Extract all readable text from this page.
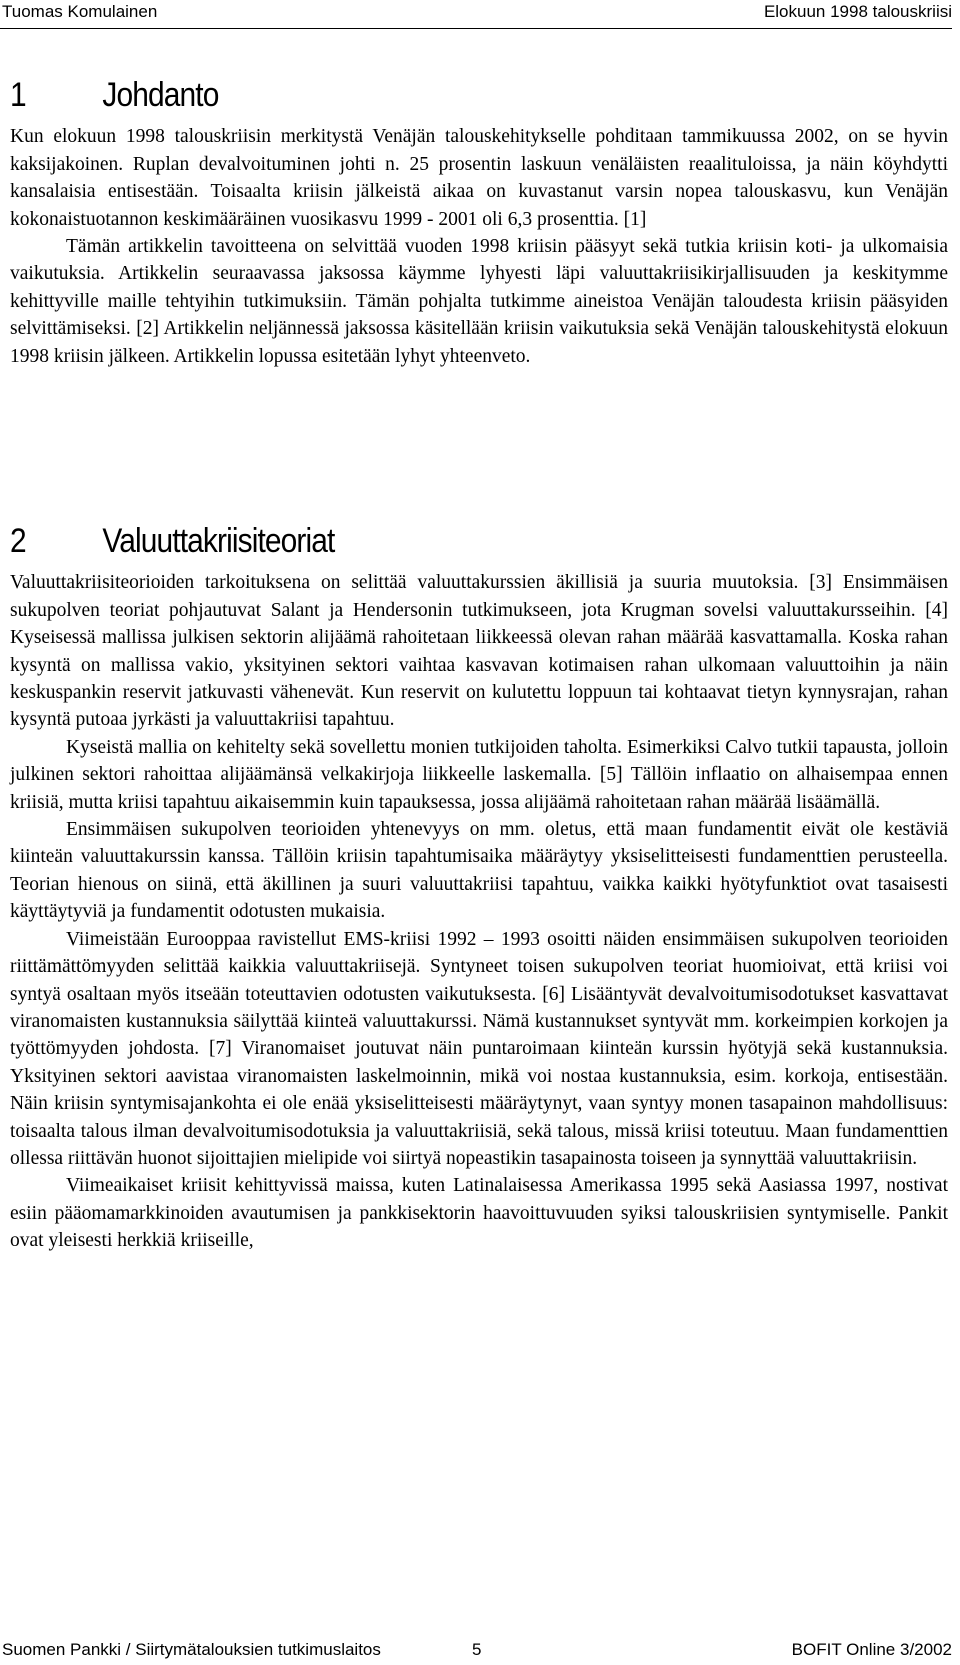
Tuomas Komulainen	Elokuun 1998 talouskriisi
1 Johdanto

Kun elokuun 1998 talouskriisin merkitystä Venäjän talouskehitykselle pohditaan tammikuussa 2002, on se hyvin kaksijakoinen. Ruplan devalvoituminen johti n. 25 prosentin laskuun venäläisten reaalituloissa, ja näin köyhdytti kansalaisia entisestään. Toisaalta kriisin jälkeistä aikaa on kuvastanut varsin nopea talouskasvu, kun Venäjän kokonaistuotannon keskimääräinen vuosikasvu 1999 - 2001 oli 6,3 prosenttia. [1]

Tämän artikkelin tavoitteena on selvittää vuoden 1998 kriisin pääsyyt sekä tutkia kriisin koti- ja ulkomaisia vaikutuksia. Artikkelin seuraavassa jaksossa käymme lyhyesti läpi valuuttakriisikirjallisuuden ja keskitymme kehittyville maille tehtyihin tutkimuksiin. Tämän pohjalta tutkimme aineistoa Venäjän taloudesta kriisin pääsyiden selvittämiseksi. [2] Artikkelin neljännessä jaksossa käsitellään kriisin vaikutuksia sekä Venäjän talouskehitystä elokuun 1998 kriisin jälkeen. Artikkelin lopussa esitetään lyhyt yhteenveto.

2 Valuuttakriisiteoriat

Valuuttakriisiteorioiden tarkoituksena on selittää valuuttakurssien äkillisiä ja suuria muutoksia. [3] Ensimmäisen sukupolven teoriat pohjautuvat Salant ja Hendersonin tutkimukseen, jota Krugman sovelsi valuuttakursseihin. [4] Kyseisessä mallissa julkisen sektorin alijäämä rahoitetaan liikkeessä olevan rahan määrää kasvattamalla. Koska rahan kysyntä on mallissa vakio, yksityinen sektori vaihtaa kasvavan kotimaisen rahan ulkomaan valuuttoihin ja näin keskuspankin reservit jatkuvasti vähenevät. Kun reservit on kulutettu loppuun tai kohtaavat tietyn kynnysrajan, rahan kysyntä putoaa jyrkästi ja valuuttakriisi tapahtuu.

Kyseistä mallia on kehitelty sekä sovellettu monien tutkijoiden taholta. Esimerkiksi Calvo tutkii tapausta, jolloin julkinen sektori rahoittaa alijäämänsä velkakirjoja liikkeelle laskemalla. [5] Tällöin inflaatio on alhaisempaa ennen kriisiä, mutta kriisi tapahtuu aikaisemmin kuin tapauksessa, jossa alijäämä rahoitetaan rahan määrää lisäämällä.

Ensimmäisen sukupolven teorioiden yhtenevyys on mm. oletus, että maan fundamentit eivät ole kestäviä kiinteän valuuttakurssin kanssa. Tällöin kriisin tapahtumisaika määräytyy yksiselitteisesti fundamenttien perusteella. Teorian hienous on siinä, että äkillinen ja suuri valuuttakriisi tapahtuu, vaikka kaikki hyötyfunktiot ovat tasaisesti käyttäytyviä ja fundamentit odotusten mukaisia.

Viimeistään Eurooppaa ravistellut EMS-kriisi 1992 – 1993 osoitti näiden ensimmäisen sukupolven teorioiden riittämättömyyden selittää kaikkia valuuttakriisejä. Syntyneet toisen sukupolven teoriat huomioivat, että kriisi voi syntyä osaltaan myös itseään toteuttavien odotusten vaikutuksesta. [6] Lisääntyvät devalvoitumisodotukset kasvattavat viranomaisten kustannuksia säilyttää kiinteä valuuttakurssi. Nämä kustannukset syntyvät mm. korkeimpien korkojen ja työttömyyden johdosta. [7] Viranomaiset joutuvat näin puntaroimaan kiinteän kurssin hyötyjä sekä kustannuksia. Yksityinen sektori aavistaa viranomaisten laskelmoinnin, mikä voi nostaa kustannuksia, esim. korkoja, entisestään. Näin kriisin syntymisajankohta ei ole enää yksiselitteisesti määräytynyt, vaan syntyy monen tasapainon mahdollisuus: toisaalta talous ilman devalvoitumisodotuksia ja valuuttakriisiä, sekä talous, missä kriisi toteutuu. Maan fundamenttien ollessa riittävän huonot sijoittajien mielipide voi siirtyä nopeastikin tasapainosta toiseen ja synnyttää valuuttakriisin.

Viimeaikaiset kriisit kehittyvissä maissa, kuten Latinalaisessa Amerikassa 1995 sekä Aasiassa 1997, nostivat esiin pääomamarkkinoiden avautumisen ja pankkisektorin haavoittuvuuden syiksi talouskriisien syntymiselle. Pankit ovat yleisesti herkkiä kriiseille,

Suomen Pankki / Siirtymätalouksien tutkimuslaitos	5	BOFIT Online 3/2002
